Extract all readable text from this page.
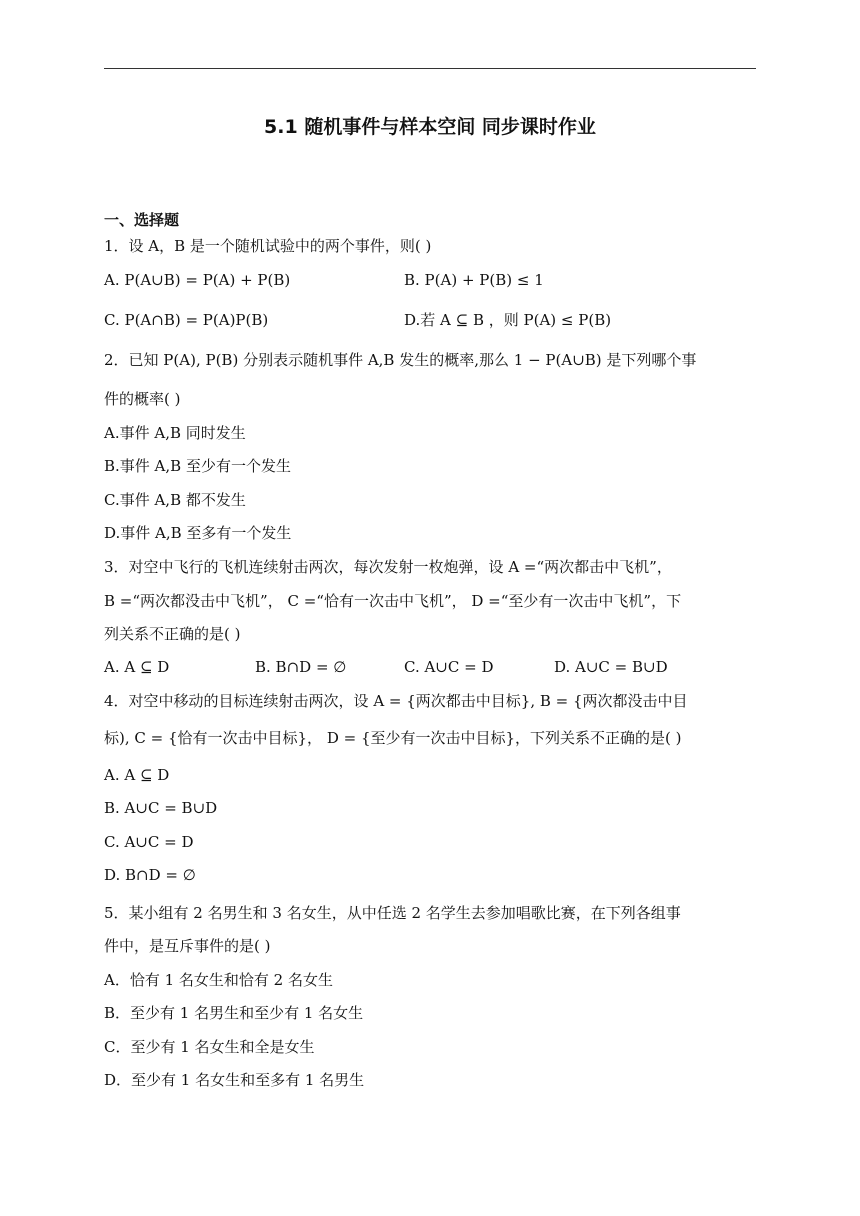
5.1 随机事件与样本空间 同步课时作业
一、选择题
1．设 A，B 是一个随机试验中的两个事件，则( )
A. P(A∪B) = P(A) + P(B)	B. P(A) + P(B) ≤ 1
C. P(A∩B) = P(A)P(B)	D.若 A ⊆ B ，则 P(A) ≤ P(B)
2．已知 P(A), P(B) 分别表示随机事件 A,B 发生的概率,那么 1 − P(A∪B) 是下列哪个事
件的概率( )
A.事件 A,B 同时发生
B.事件 A,B 至少有一个发生
C.事件 A,B 都不发生
D.事件 A,B 至多有一个发生
3．对空中飞行的飞机连续射击两次，每次发射一枚炮弹，设 A =“两次都击中飞机”，
B =“两次都没击中飞机”， C =“恰有一次击中飞机”， D =“至少有一次击中飞机”，下
列关系不正确的是( )
A. A ⊆ D	B. B∩D = ∅	C. A∪C = D	D. A∪C = B∪D
4．对空中移动的目标连续射击两次，设 A = {两次都击中目标}, B = {两次都没击中目
标), C = {恰有一次击中目标}， D = {至少有一次击中目标}，下列关系不正确的是( )
A. A ⊆ D
B. A∪C = B∪D
C. A∪C = D
D. B∩D = ∅
5．某小组有 2 名男生和 3 名女生，从中任选 2 名学生去参加唱歌比赛，在下列各组事
件中，是互斥事件的是( )
A．恰有 1 名女生和恰有 2 名女生
B．至少有 1 名男生和至少有 1 名女生
C．至少有 1 名女生和全是女生
D．至少有 1 名女生和至多有 1 名男生
